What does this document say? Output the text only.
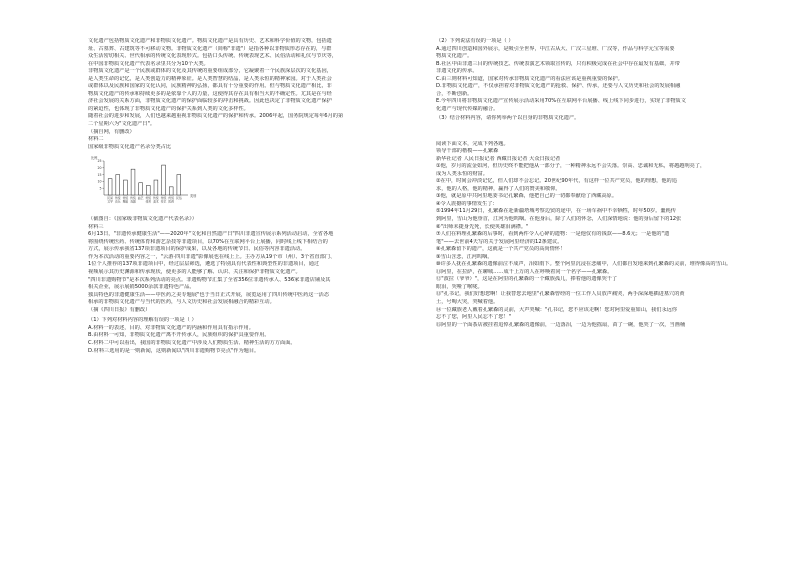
文化遗产包括物质文化遗产和非物质文化遗产。物质文化遗产是具有历史、艺术和科学价值的文物，包括遗

址、古墓葬、古建筑等不可移动文物。非物质文化遗产（简称"非遗"）是指各种以非物质形态存在的，与群

众生活密切相关、世代相承的传统文化表现形式。包括口头传统、传统表现艺术、民俗活动和礼仪与节庆等，

在中国非物质文化遗产代表名录里共分为10个大类。

非物质文化遗产是一个民族或群体的文化及其传统的重要组成部分，它凝聚着一个民族深层次的文化基因，

是人类生命的记忆，是人类创造力的精神象征。是人类智慧的结晶，是人类永恒的精神家园。对于人类社会

或群体以及民族和国家的文化认同，民族精神的弘扬，都具有十分重要的作用。但与物质文化遗产相比，非

物质文化遗产的传承和持续更多的是依靠个人的力量，这使得其存在具有相当大的不确定性。尤其是在与经

济社会发展的关系方面，非物质文化遗产的保护面临较多的冲击和挑战。因此也决定了非物质文化遗产保护

的紧迫性，也体现了非物质文化遗产的保护关系到人类的文化多样性。

随着社会的进步和发展，人们也越来越重视非物质文化遗产的保护和传承。2006年起，国务院规定每年6月的第

二个星期六为"文化遗产日"。

（摘自网，有删改）

材料二

国家级非物质文化遗产名录分类占比

比例
25
20
15
10
5
民间
文学
传统
音乐
传统
舞蹈
传统
戏剧
曲艺 传统
体育
传统
美术
传统
技艺
传统
医药
民俗	类别

（截图自：《国家级非物质文化遗产代表名录》）

材料三

6月13日，"非遗传承健康生活"——2020年"文化和自然遗产日"四川非遗宣传展示系列活动启动，全省各地

将围绕传统医药、传统体育和游艺杂技等非遗项目，以70%在互联网平台上展播，同时线上线下相结合的

方式，展示传承我省137项非遗项目的保护成果，以及各地的传统节日、民俗等内容非遗活动。

作为本次活动的重要内容之一，"云游·四川非遗"影像展也在线上上。主办方从19个市（州）、3个省直部门、

1位个人推荐的137项非遗项目中，经过层层筛选，遴选了特别具有代表性和典型性的非遗项目，通过

视频展示其历史渊源和传承现状，使更多的人能够了解、认识、关注和保护非物质文化遗产。

"四川非遗购物节"是本次系列活动的亮点。非遗购物节汇集了全省356位非遗传承人、536家非遗店铺及其

相关企业，展示展销5000余款非遗特色产品。

独具特色的非遗健康生活——中医药之美专题展"也于当日正式开展，展览运用了四川传统中医药这一活态

相承的非物质文化遗产与当代的医药，与人文历史和社会发展相融合的精彩互动。

（摘《四川日报》有删改）

（1）下列对材料内容的理解有误的一项是（ ）

A.材料一的表述，目的、对非物质文化遗产的内涵和作用具有指示作用。

B.由材料一可知，非物质文化遗产离不开传承人，民族组织的保护具重要作用。

C.材料二中可以看出，我国的非物质文化遗产中涉及人们物质生活、精神生活的方方面面。

D.材料三选用的是一则新闻，这则新闻以"四川非遗购物节亮点"作为题目。

（2）下列说法有误的一项是（ ）

A.通过四川创造和国外展示，是吸引全世界，中江古从大、广汉三星堆、广汉等，作品与科学元宝等需要

物质文化遗产。

B.社区中由非遗三目的传统技艺、传统表演艺术领取宣传的，只有积极完成在社会中存在最发有基础，并带

非遗文化的传承。

C.由三则材料可知道，国家对传承非物质文化遗产的看法应该是重视重要的保护。

D.非物质文化遗产，不仅承担着对非物质文化遗产的抢救、保护、传承，还要与人文历史和社会的发展相融

合，不断创新。

E.今年四川将非物质文化遗产宣传展示活动采用70%在互联网平台展播、线上线下同步进行，实现了非物质文

化遗产与现代传媒的融合。

（3）结合材料内容，请你列举两个以自身的非物质文化遗产。

阅读下面文本，完成下列各题。

领导干部的楷模——孔繁森

新华社记者 人民日报记者 西藏日报记者 大众日报记者

①他，岁月的流金如河，但历史终不能把他从一部分子，一种精神永远不会失落。崇高、忠诚和无私，将越越明亮了，

成为人类永恒的财富。

②在中，时间会冲淡记忆，但人们却不会忘记。20世纪90年代，有这样一位共产党员，他的理想，他的追

求，他的人格，他的精神，赢得了人们的赞美和敬仰。

③他，就是原中共阿里地委书记孔繁森，他把自己的一切都奉献给了西藏高原。

④令人震撼的事情发生了：

⑤1994年11月29日，孔繁森在赴新疆塔城考察边贸的途中，在一场车祸中不幸牺牲，时年50岁。噩耗传

到阿里，雪山为他垂首，江河为他呜咽。在他身后，除了人们的怀念，人们深情地说：他的身后留下的12张

⑥"出师未捷身先死，长使英雄泪满襟。"

⑦人们在料理孔繁森的后事时，看到两件令人心碎的遗物：一是他仅有的钱款——8.6元；一是他的"遗

笔"——去世前4天写的关于发展阿里经济的12条建议。

⑧孔繁森留下的遗产，这就是一个共产党员的高尚情怀！

⑨雪山含悲，江河呜咽。

⑩许多人抚在孔繁森的遗像前泣不成声，泪如雨下。整个阿里沉浸在悲痛中，人们都自发地来到孔繁森的灵前，堆得像高的雪山。

⑪阿里，在拉萨，在聊城……成千上万的人在呼唤着同一个名字——孔繁森。

⑫"波拉（爷爷）"，这是在阿里的孔繁森的一个藏族孤儿，捧着他的遗像哭干了

眼泪，哭哑了喉咙。

⑬"孔书记，我们好想您啊！让我替您去地里"孔繁森曾经的一位工作人员放声痛哭，两手深深地插进墓穴的黄

土，号啕大哭，哭喊着他。

⑭一位藏族老人戴着孔繁森的灵前，大声哭喊："孔书记，您不应该走啊！您对阿里爱重如山，我们永远你

忘不了您，阿里人民忘不了您！"

⑮阿里的一个面茶店被挂着追悼孔繁森的遗像前，一边落泪，一边为他摇扇，苗了一碗，他哭了一次，当画桶
